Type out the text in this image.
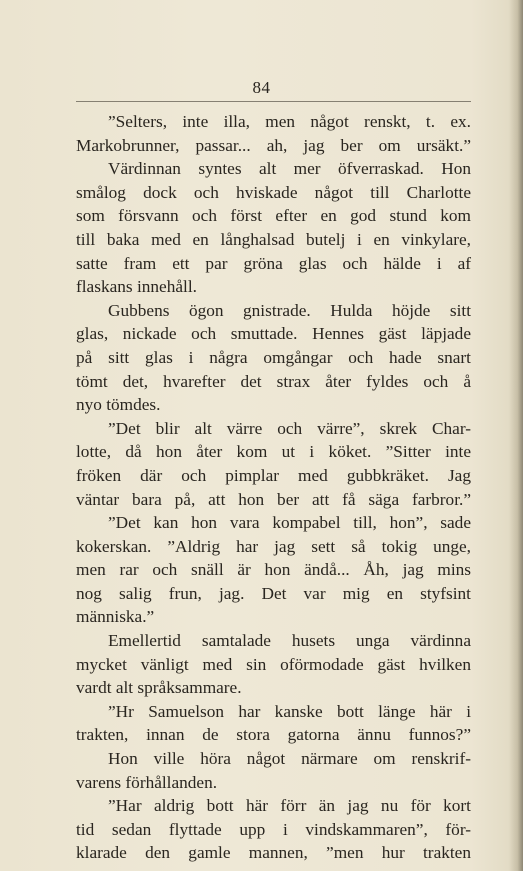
84
”Selters, inte illa, men något renskt, t. ex.
Markobrunner, passar... ah, jag ber om ursäkt.”
Värdinnan syntes alt mer öfverraskad. Hon
smålog dock och hviskade något till Charlotte
som försvann och först efter en god stund kom
till baka med en långhalsad butelj i en vinkylare,
satte fram ett par gröna glas och hälde i af
flaskans innehåll.
Gubbens ögon gnistrade. Hulda höjde sitt
glas, nickade och smuttade. Hennes gäst läpjade
på sitt glas i några omgångar och hade snart
tömt det, hvarefter det strax åter fyldes och å
nyo tömdes.
”Det blir alt värre och värre”, skrek Char-
lotte, då hon åter kom ut i köket. ”Sitter inte
fröken där och pimplar med gubbkräket. Jag
väntar bara på, att hon ber att få säga farbror.”
”Det kan hon vara kompabel till, hon”, sade
kokerskan. ”Aldrig har jag sett så tokig unge,
men rar och snäll är hon ändå... Åh, jag mins
nog salig frun, jag. Det var mig en styfsint
människa.”
Emellertid samtalade husets unga värdinna
mycket vänligt med sin oförmodade gäst hvilken
vardt alt språksammare.
”Hr Samuelson har kanske bott länge här i
trakten, innan de stora gatorna ännu funnos?”
Hon ville höra något närmare om renskrif-
varens förhållanden.
”Har aldrig bott här förr än jag nu för kort
tid sedan flyttade upp i vindskammaren”, för-
klarade den gamle mannen, ”men hur trakten
